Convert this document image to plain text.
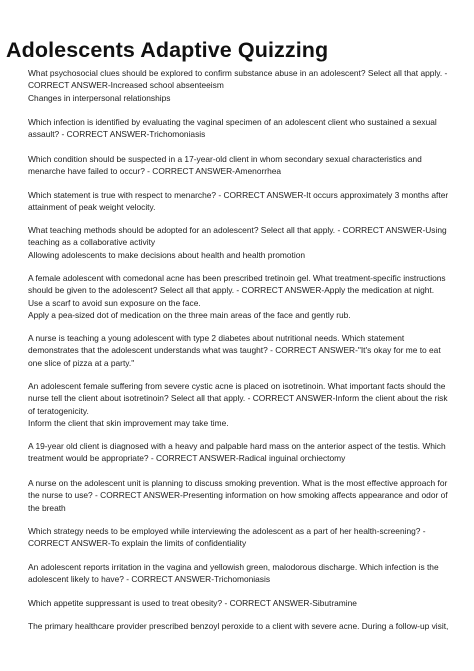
Adolescents Adaptive Quizzing
What psychosocial clues should be explored to confirm substance abuse in an adolescent? Select all that apply. -
CORRECT ANSWER-Increased school absenteeism
Changes in interpersonal relationships
Which infection is identified by evaluating the vaginal specimen of an adolescent client who sustained a sexual
assault? - CORRECT ANSWER-Trichomoniasis
Which condition should be suspected in a 17-year-old client in whom secondary sexual characteristics and
menarche have failed to occur? - CORRECT ANSWER-Amenorrhea
Which statement is true with respect to menarche? - CORRECT ANSWER-It occurs approximately 3 months after
attainment of peak weight velocity.
What teaching methods should be adopted for an adolescent? Select all that apply. - CORRECT ANSWER-Using
teaching as a collaborative activity
Allowing adolescents to make decisions about health and health promotion
A female adolescent with comedonal acne has been prescribed tretinoin gel. What treatment-specific instructions
should be given to the adolescent? Select all that apply. - CORRECT ANSWER-Apply the medication at night.
Use a scarf to avoid sun exposure on the face.
Apply a pea-sized dot of medication on the three main areas of the face and gently rub.
A nurse is teaching a young adolescent with type 2 diabetes about nutritional needs. Which statement
demonstrates that the adolescent understands what was taught? - CORRECT ANSWER-"It's okay for me to eat
one slice of pizza at a party."
An adolescent female suffering from severe cystic acne is placed on isotretinoin. What important facts should the
nurse tell the client about isotretinoin? Select all that apply. - CORRECT ANSWER-Inform the client about the risk
of teratogenicity.
Inform the client that skin improvement may take time.
A 19-year old client is diagnosed with a heavy and palpable hard mass on the anterior aspect of the testis. Which
treatment would be appropriate? - CORRECT ANSWER-Radical inguinal orchiectomy
A nurse on the adolescent unit is planning to discuss smoking prevention. What is the most effective approach for
the nurse to use? - CORRECT ANSWER-Presenting information on how smoking affects appearance and odor of
the breath
Which strategy needs to be employed while interviewing the adolescent as a part of her health-screening? -
CORRECT ANSWER-To explain the limits of confidentiality
An adolescent reports irritation in the vagina and yellowish green, malodorous discharge. Which infection is the
adolescent likely to have? - CORRECT ANSWER-Trichomoniasis
Which appetite suppressant is used to treat obesity? - CORRECT ANSWER-Sibutramine
The primary healthcare provider prescribed benzoyl peroxide to a client with severe acne. During a follow-up visit,
